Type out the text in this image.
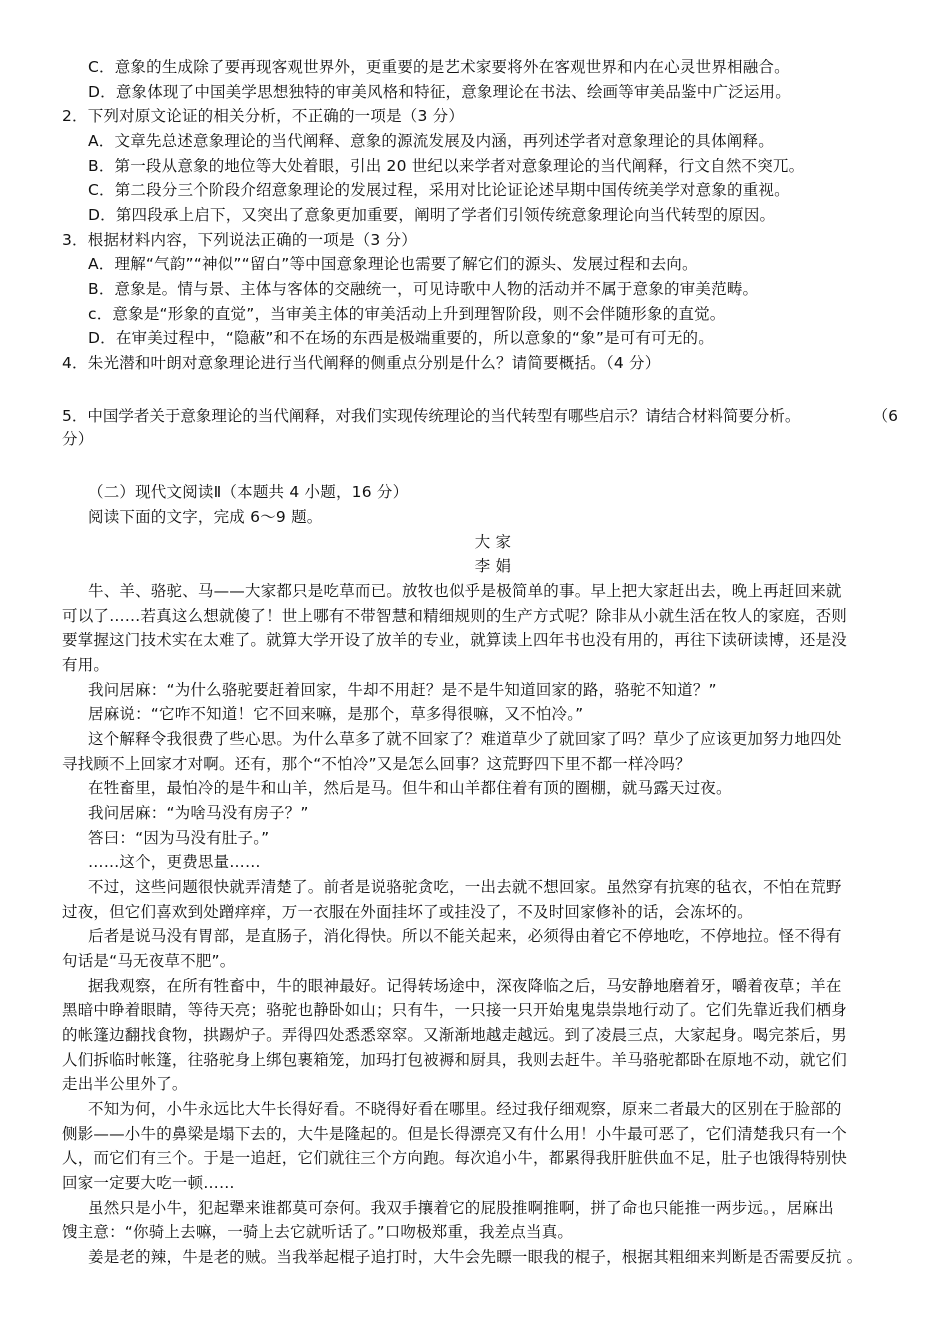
C．意象的生成除了要再现客观世界外，更重要的是艺术家要将外在客观世界和内在心灵世界相融合。
D．意象体现了中国美学思想独特的审美风格和特征，意象理论在书法、绘画等审美品鉴中广泛运用。
2．下列对原文论证的相关分析，不正确的一项是（3 分）
A．文章先总述意象理论的当代阐释、意象的源流发展及内涵，再列述学者对意象理论的具体阐释。
B．第一段从意象的地位等大处着眼，引出 20 世纪以来学者对意象理论的当代阐释，行文自然不突兀。
C．第二段分三个阶段介绍意象理论的发展过程，采用对比论证论述早期中国传统美学对意象的重视。
D．第四段承上启下，又突出了意象更加重要，阐明了学者们引领传统意象理论向当代转型的原因。
3．根据材料内容，下列说法正确的一项是（3 分）
A．理解“气韵”“神似”“留白”等中国意象理论也需要了解它们的源头、发展过程和去向。
B．意象是。情与景、主体与客体的交融统一，可见诗歌中人物的活动并不属于意象的审美范畴。
c．意象是“形象的直觉”，当审美主体的审美活动上升到理智阶段，则不会伴随形象的直觉。
D．在审美过程中，“隐蔽”和不在场的东西是极端重要的，所以意象的“象”是可有可无的。
4．朱光潜和叶朗对意象理论进行当代阐释的侧重点分别是什么？请简要概括。（4 分）
（6
5．中国学者关于意象理论的当代阐释，对我们实现传统理论的当代转型有哪些启示？请结合材料简要分析。
分）
（二）现代文阅读Ⅱ（本题共 4 小题，16 分）
阅读下面的文字，完成 6～9 题。
大 家
李 娟
牛、羊、骆驼、马——大家都只是吃草而已。放牧也似乎是极简单的事。早上把大家赶出去，晚上再赶回来就
可以了……若真这么想就傻了！世上哪有不带智慧和精细规则的生产方式呢？除非从小就生活在牧人的家庭，否则
要掌握这门技术实在太难了。就算大学开设了放羊的专业，就算读上四年书也没有用的，再往下读研读博，还是没
有用。
我问居麻：“为什么骆驼要赶着回家，牛却不用赶？是不是牛知道回家的路，骆驼不知道？”
居麻说：“它咋不知道！它不回来嘛，是那个，草多得很嘛，又不怕冷。”
这个解释令我很费了些心思。为什么草多了就不回家了？难道草少了就回家了吗？草少了应该更加努力地四处
寻找顾不上回家才对啊。还有，那个“不怕冷”又是怎么回事？这荒野四下里不都一样冷吗？
在牲畜里，最怕冷的是牛和山羊，然后是马。但牛和山羊都住着有顶的圈棚，就马露天过夜。
我问居麻：“为啥马没有房子？”
答曰：“因为马没有肚子。”
……这个，更费思量……
不过，这些问题很快就弄清楚了。前者是说骆驼贪吃，一出去就不想回家。虽然穿有抗寒的毡衣，不怕在荒野
过夜，但它们喜欢到处蹭痒痒，万一衣服在外面挂坏了或挂没了，不及时回家修补的话，会冻坏的。
后者是说马没有胃部，是直肠子，消化得快。所以不能关起来，必须得由着它不停地吃，不停地拉。怪不得有
句话是“马无夜草不肥”。
据我观察，在所有牲畜中，牛的眼神最好。记得转场途中，深夜降临之后，马安静地磨着牙，嚼着夜草；羊在
黑暗中睁着眼睛，等待天亮；骆驼也静卧如山；只有牛，一只接一只开始鬼鬼祟祟地行动了。它们先靠近我们栖身
的帐篷边翻找食物，拱踢炉子。弄得四处悉悉窣窣。又渐渐地越走越远。到了凌晨三点，大家起身。喝完茶后，男
人们拆临时帐篷，往骆驼身上绑包裹箱笼，加玛打包被褥和厨具，我则去赶牛。羊马骆驼都卧在原地不动，就它们
走出半公里外了。
不知为何，小牛永远比大牛长得好看。不晓得好看在哪里。经过我仔细观察，原来二者最大的区别在于脸部的
侧影——小牛的鼻梁是塌下去的，大牛是隆起的。但是长得漂亮又有什么用！小牛最可恶了，它们清楚我只有一个
人，而它们有三个。于是一追赶，它们就往三个方向跑。每次追小牛，都累得我肝脏供血不足，肚子也饿得特别快
回家一定要大吃一顿……
虽然只是小牛，犯起犟来谁都莫可奈何。我双手攘着它的屁股推啊推啊，拼了命也只能推一两步远。，居麻出
馊主意：“你骑上去嘛，一骑上去它就听话了。”口吻极郑重，我差点当真。
姜是老的辣，牛是老的贼。当我举起棍子追打时，大牛会先瞟一眼我的棍子，根据其粗细来判断是否需要反抗 。
